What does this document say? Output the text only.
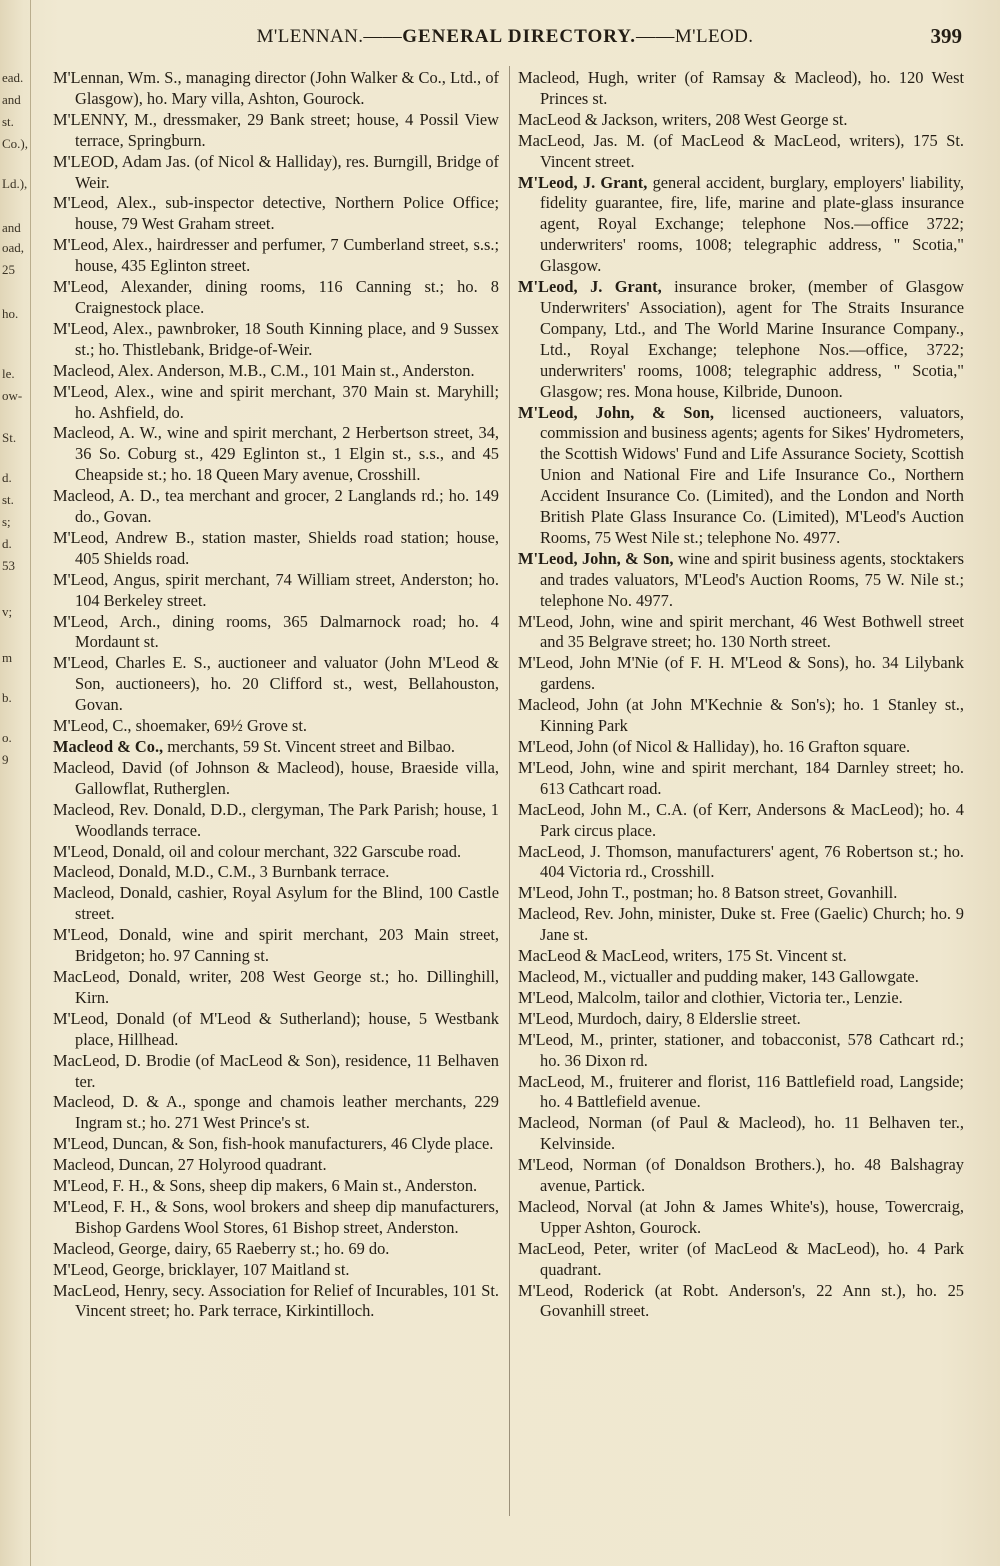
ead.
and
st.
Co.),
Ld.),
and
oad,
25
ho.
le.
ow-
St.
d.
st.
s;
d.
53
v;
m
b.
o.
9
M'LENNAN.——GENERAL DIRECTORY.——M'LEOD.	399

M'Lennan, Wm. S., managing director (John Walker & Co., Ltd., of Glasgow), ho. Mary villa, Ashton, Gourock.

M'LENNY, M., dressmaker, 29 Bank street; house, 4 Possil View terrace, Springburn.

M'LEOD, Adam Jas. (of Nicol & Halliday), res. Burngill, Bridge of Weir.

M'Leod, Alex., sub-inspector detective, Northern Police Office; house, 79 West Graham street.

M'Leod, Alex., hairdresser and perfumer, 7 Cumberland street, s.s.; house, 435 Eglinton street.

M'Leod, Alexander, dining rooms, 116 Canning st.; ho. 8 Craignestock place.

M'Leod, Alex., pawnbroker, 18 South Kinning place, and 9 Sussex st.; ho. Thistlebank, Bridge-of-Weir.

Macleod, Alex. Anderson, M.B., C.M., 101 Main st., Anderston.

M'Leod, Alex., wine and spirit merchant, 370 Main st. Maryhill; ho. Ashfield, do.

Macleod, A. W., wine and spirit merchant, 2 Herbertson street, 34, 36 So. Coburg st., 429 Eglinton st., 1 Elgin st., s.s., and 45 Cheapside st.; ho. 18 Queen Mary avenue, Crosshill.

Macleod, A. D., tea merchant and grocer, 2 Langlands rd.; ho. 149 do., Govan.

M'Leod, Andrew B., station master, Shields road station; house, 405 Shields road.

M'Leod, Angus, spirit merchant, 74 William street, Anderston; ho. 104 Berkeley street.

M'Leod, Arch., dining rooms, 365 Dalmarnock road; ho. 4 Mordaunt st.

M'Leod, Charles E. S., auctioneer and valuator (John M'Leod & Son, auctioneers), ho. 20 Clifford st., west, Bellahouston, Govan.

M'Leod, C., shoemaker, 69½ Grove st.

Macleod & Co., merchants, 59 St. Vincent street and Bilbao.

Macleod, David (of Johnson & Macleod), house, Braeside villa, Gallowflat, Rutherglen.

Macleod, Rev. Donald, D.D., clergyman, The Park Parish; house, 1 Woodlands terrace.

M'Leod, Donald, oil and colour merchant, 322 Garscube road.

Macleod, Donald, M.D., C.M., 3 Burnbank terrace.

Macleod, Donald, cashier, Royal Asylum for the Blind, 100 Castle street.

M'Leod, Donald, wine and spirit merchant, 203 Main street, Bridgeton; ho. 97 Canning st.

MacLeod, Donald, writer, 208 West George st.; ho. Dillinghill, Kirn.

M'Leod, Donald (of M'Leod & Sutherland); house, 5 Westbank place, Hillhead.

MacLeod, D. Brodie (of MacLeod & Son), residence, 11 Belhaven ter.

Macleod, D. & A., sponge and chamois leather merchants, 229 Ingram st.; ho. 271 West Prince's st.

M'Leod, Duncan, & Son, fish-hook manufacturers, 46 Clyde place.

Macleod, Duncan, 27 Holyrood quadrant.

M'Leod, F. H., & Sons, sheep dip makers, 6 Main st., Anderston.

M'Leod, F. H., & Sons, wool brokers and sheep dip manufacturers, Bishop Gardens Wool Stores, 61 Bishop street, Anderston.

Macleod, George, dairy, 65 Raeberry st.; ho. 69 do.

M'Leod, George, bricklayer, 107 Maitland st.

MacLeod, Henry, secy. Association for Relief of Incurables, 101 St. Vincent street; ho. Park terrace, Kirkintilloch.

Macleod, Hugh, writer (of Ramsay & Macleod), ho. 120 West Princes st.

MacLeod & Jackson, writers, 208 West George st.

MacLeod, Jas. M. (of MacLeod & MacLeod, writers), 175 St. Vincent street.

M'Leod, J. Grant, general accident, burglary, employers' liability, fidelity guarantee, fire, life, marine and plate-glass insurance agent, Royal Exchange; telephone Nos.—office 3722; underwriters' rooms, 1008; telegraphic address, " Scotia," Glasgow.

M'Leod, J. Grant, insurance broker, (member of Glasgow Underwriters' Association), agent for The Straits Insurance Company, Ltd., and The World Marine Insurance Company., Ltd., Royal Exchange; telephone Nos.—office, 3722; underwriters' rooms, 1008; telegraphic address, " Scotia," Glasgow; res. Mona house, Kilbride, Dunoon.

M'Leod, John, & Son, licensed auctioneers, valuators, commission and business agents; agents for Sikes' Hydrometers, the Scottish Widows' Fund and Life Assurance Society, Scottish Union and National Fire and Life Insurance Co., Northern Accident Insurance Co. (Limited), and the London and North British Plate Glass Insurance Co. (Limited), M'Leod's Auction Rooms, 75 West Nile st.; telephone No. 4977.

M'Leod, John, & Son, wine and spirit business agents, stocktakers and trades valuators, M'Leod's Auction Rooms, 75 W. Nile st.; telephone No. 4977.

M'Leod, John, wine and spirit merchant, 46 West Bothwell street and 35 Belgrave street; ho. 130 North street.

M'Leod, John M'Nie (of F. H. M'Leod & Sons), ho. 34 Lilybank gardens.

Macleod, John (at John M'Kechnie & Son's); ho. 1 Stanley st., Kinning Park

M'Leod, John (of Nicol & Halliday), ho. 16 Grafton square.

M'Leod, John, wine and spirit merchant, 184 Darnley street; ho. 613 Cathcart road.

MacLeod, John M., C.A. (of Kerr, Andersons & MacLeod); ho. 4 Park circus place.

MacLeod, J. Thomson, manufacturers' agent, 76 Robertson st.; ho. 404 Victoria rd., Crosshill.

M'Leod, John T., postman; ho. 8 Batson street, Govanhill.

Macleod, Rev. John, minister, Duke st. Free (Gaelic) Church; ho. 9 Jane st.

MacLeod & MacLeod, writers, 175 St. Vincent st.

Macleod, M., victualler and pudding maker, 143 Gallowgate.

M'Leod, Malcolm, tailor and clothier, Victoria ter., Lenzie.

M'Leod, Murdoch, dairy, 8 Elderslie street.

M'Leod, M., printer, stationer, and tobacconist, 578 Cathcart rd.; ho. 36 Dixon rd.

MacLeod, M., fruiterer and florist, 116 Battlefield road, Langside; ho. 4 Battlefield avenue.

Macleod, Norman (of Paul & Macleod), ho. 11 Belhaven ter., Kelvinside.

M'Leod, Norman (of Donaldson Brothers.), ho. 48 Balshagray avenue, Partick.

Macleod, Norval (at John & James White's), house, Towercraig, Upper Ashton, Gourock.

MacLeod, Peter, writer (of MacLeod & MacLeod), ho. 4 Park quadrant.

M'Leod, Roderick (at Robt. Anderson's, 22 Ann st.), ho. 25 Govanhill street.
